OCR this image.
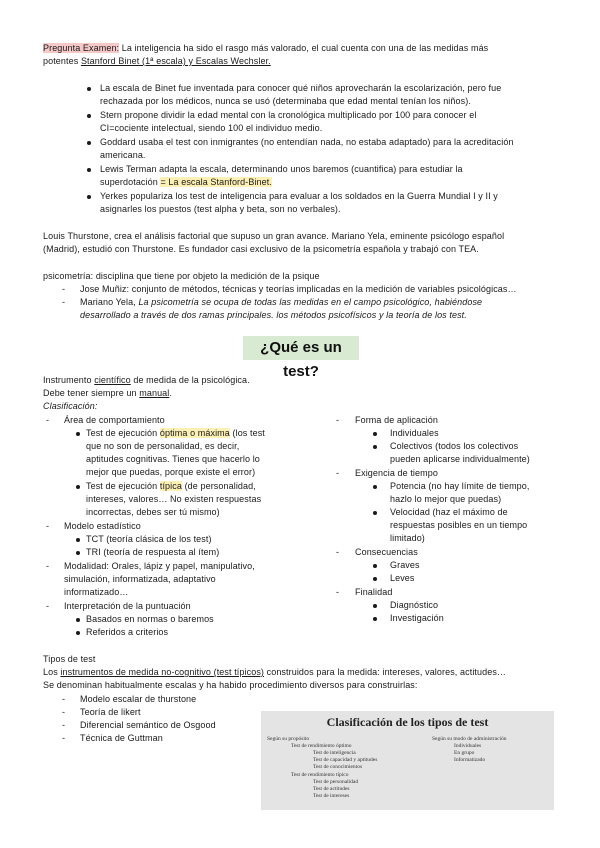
Pregunta Examen: La inteligencia ha sido el rasgo más valorado, el cual cuenta con una de las medidas más
potentes Stanford Binet (1ª escala) y Escalas Wechsler.
La escala de Binet fue inventada para conocer qué niños aprovecharán la escolarización, pero fue
rechazada por los médicos, nunca se usó (determinaba que edad mental tenían los niños).
Stern propone dividir la edad mental con la cronológica multiplicado por 100 para conocer el
CI=cociente intelectual, siendo 100 el individuo medio.
Goddard usaba el test con inmigrantes (no entendían nada, no estaba adaptado) para la acreditación
americana.
Lewis Terman adapta la escala, determinando unos baremos (cuantifica) para estudiar la
superdotación = La escala Stanford-Binet.
Yerkes populariza los test de inteligencia para evaluar a los soldados en la Guerra Mundial I y II y
asignarles los puestos (test alpha y beta, son no verbales).
Louis Thurstone, crea el análisis factorial que supuso un gran avance. Mariano Yela, eminente psicólogo español
(Madrid), estudió con Thurstone. Es fundador casi exclusivo de la psicometría española y trabajó con TEA.
psicometría: disciplina que tiene por objeto la medición de la psique
- Jose Muñiz: conjunto de métodos, técnicas y teorías implicadas en la medición de variables psicológicas…
- Mariano Yela, La psicometría se ocupa de todas las medidas en el campo psicológico, habiéndose
desarrollado a través de dos ramas principales. los métodos psicofísicos y la teoría de los test.
¿Qué es un test?
Instrumento científico de medida de la psicológica.
Debe tener siempre un manual.
Clasificación:
- Área de comportamiento
Test de ejecución óptima o máxima (los test
que no son de personalidad, es decir,
aptitudes cognitivas. Tienes que hacerlo lo
mejor que puedas, porque existe el error)
Test de ejecución típica (de personalidad,
intereses, valores… No existen respuestas
incorrectas, debes ser tú mismo)
- Modelo estadístico
TCT (teoría clásica de los test)
TRI (teoría de respuesta al ítem)
- Modalidad: Orales, lápiz y papel, manipulativo,
simulación, informatizada, adaptativo
informatizado…
- Interpretación de la puntuación
Basados en normas o baremos
Referidos a criterios
- Forma de aplicación
Individuales
Colectivos (todos los colectivos
pueden aplicarse individualmente)
- Exigencia de tiempo
Potencia (no hay límite de tiempo,
hazlo lo mejor que puedas)
Velocidad (haz el máximo de
respuestas posibles en un tiempo
limitado)
- Consecuencias
Graves
Leves
- Finalidad
Diagnóstico
Investigación
Tipos de test
Los instrumentos de medida no-cognitivo (test típicos) construidos para la medida: intereses, valores, actitudes…
Se denominan habitualmente escalas y ha habido procedimiento diversos para construirlas:
- Modelo escalar de thurstone
- Teoría de likert
- Diferencial semántico de Osgood
- Técnica de Guttman
Clasificación de los tipos de test
Según su propósito
Test de rendimiento óptimo
Test de inteligencia
Test de capacidad y aptitudes
Test de conocimientos
Test de rendimiento típico
Test de personalidad
Test de actitudes
Test de intereses
Según su modo de administración
Individuales
En grupo
Informatizado
